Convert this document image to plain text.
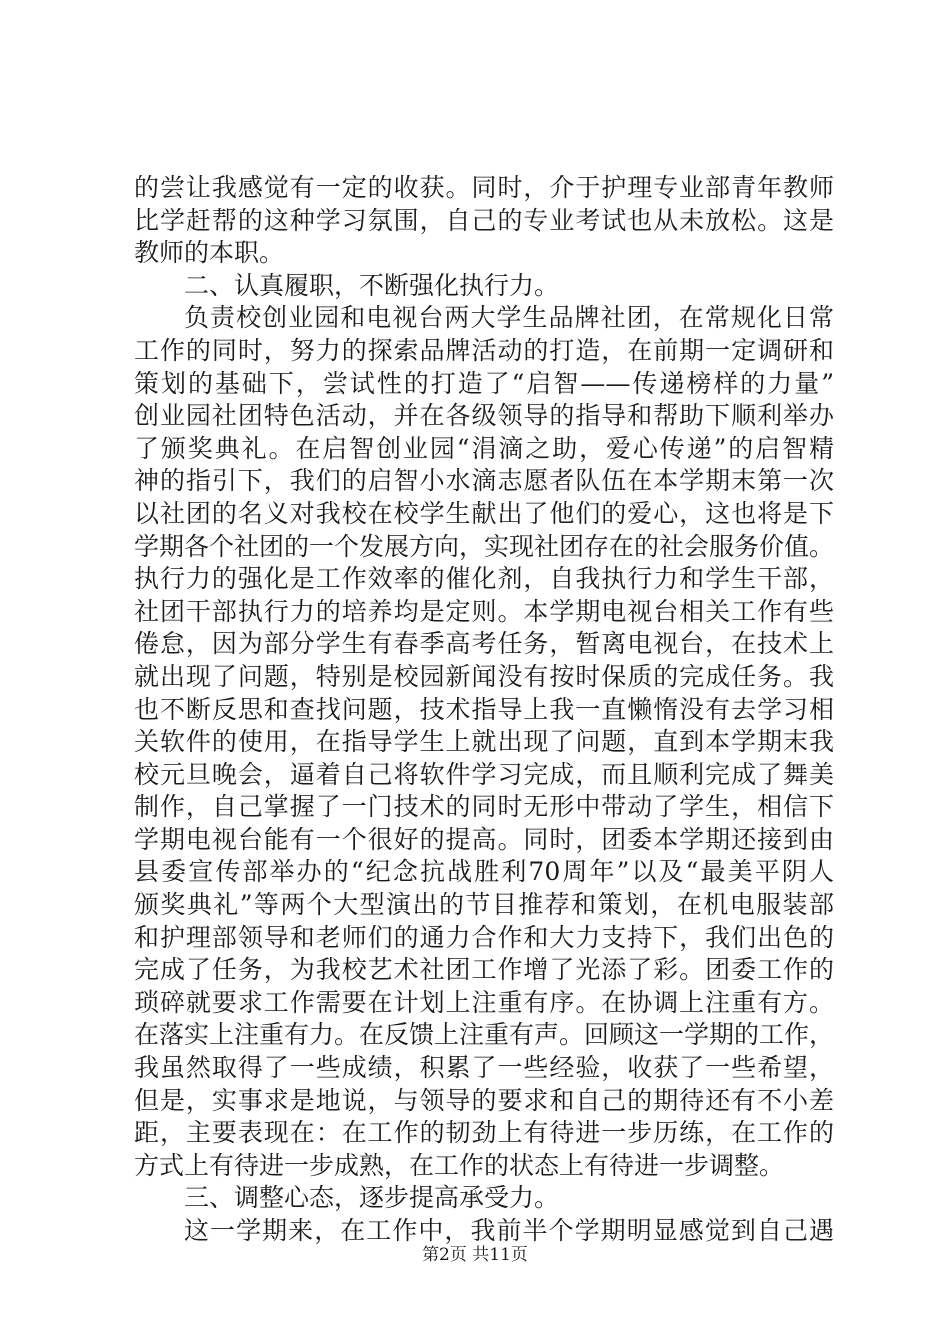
的尝让我感觉有一定的收获。同时，介于护理专业部青年教师
比学赶帮的这种学习氛围，自己的专业考试也从未放松。这是
教师的本职。
二、认真履职，不断强化执行力。
负责校创业园和电视台两大学生品牌社团，在常规化日常
工作的同时，努力的探索品牌活动的打造，在前期一定调研和
策划的基础下，尝试性的打造了“启智——传递榜样的力量”
创业园社团特色活动，并在各级领导的指导和帮助下顺利举办
了颁奖典礼。在启智创业园“涓滴之助，爱心传递”的启智精
神的指引下，我们的启智小水滴志愿者队伍在本学期末第一次
以社团的名义对我校在校学生献出了他们的爱心，这也将是下
学期各个社团的一个发展方向，实现社团存在的社会服务价值。
执行力的强化是工作效率的催化剂，自我执行力和学生干部，
社团干部执行力的培养均是定则。本学期电视台相关工作有些
倦怠，因为部分学生有春季高考任务，暂离电视台，在技术上
就出现了问题，特别是校园新闻没有按时保质的完成任务。我
也不断反思和查找问题，技术指导上我一直懒惰没有去学习相
关软件的使用，在指导学生上就出现了问题，直到本学期末我
校元旦晚会，逼着自己将软件学习完成，而且顺利完成了舞美
制作，自己掌握了一门技术的同时无形中带动了学生，相信下
学期电视台能有一个很好的提高。同时，团委本学期还接到由
县委宣传部举办的“纪念抗战胜利70周年”以及“最美平阴人
颁奖典礼”等两个大型演出的节目推荐和策划，在机电服装部
和护理部领导和老师们的通力合作和大力支持下，我们出色的
完成了任务，为我校艺术社团工作增了光添了彩。团委工作的
琐碎就要求工作需要在计划上注重有序。在协调上注重有方。
在落实上注重有力。在反馈上注重有声。回顾这一学期的工作，
我虽然取得了一些成绩，积累了一些经验，收获了一些希望，
但是，实事求是地说，与领导的要求和自己的期待还有不小差
距，主要表现在：在工作的韧劲上有待进一步历练，在工作的
方式上有待进一步成熟，在工作的状态上有待进一步调整。
三、调整心态，逐步提高承受力。
这一学期来，在工作中，我前半个学期明显感觉到自己遇
第2页 共11页
